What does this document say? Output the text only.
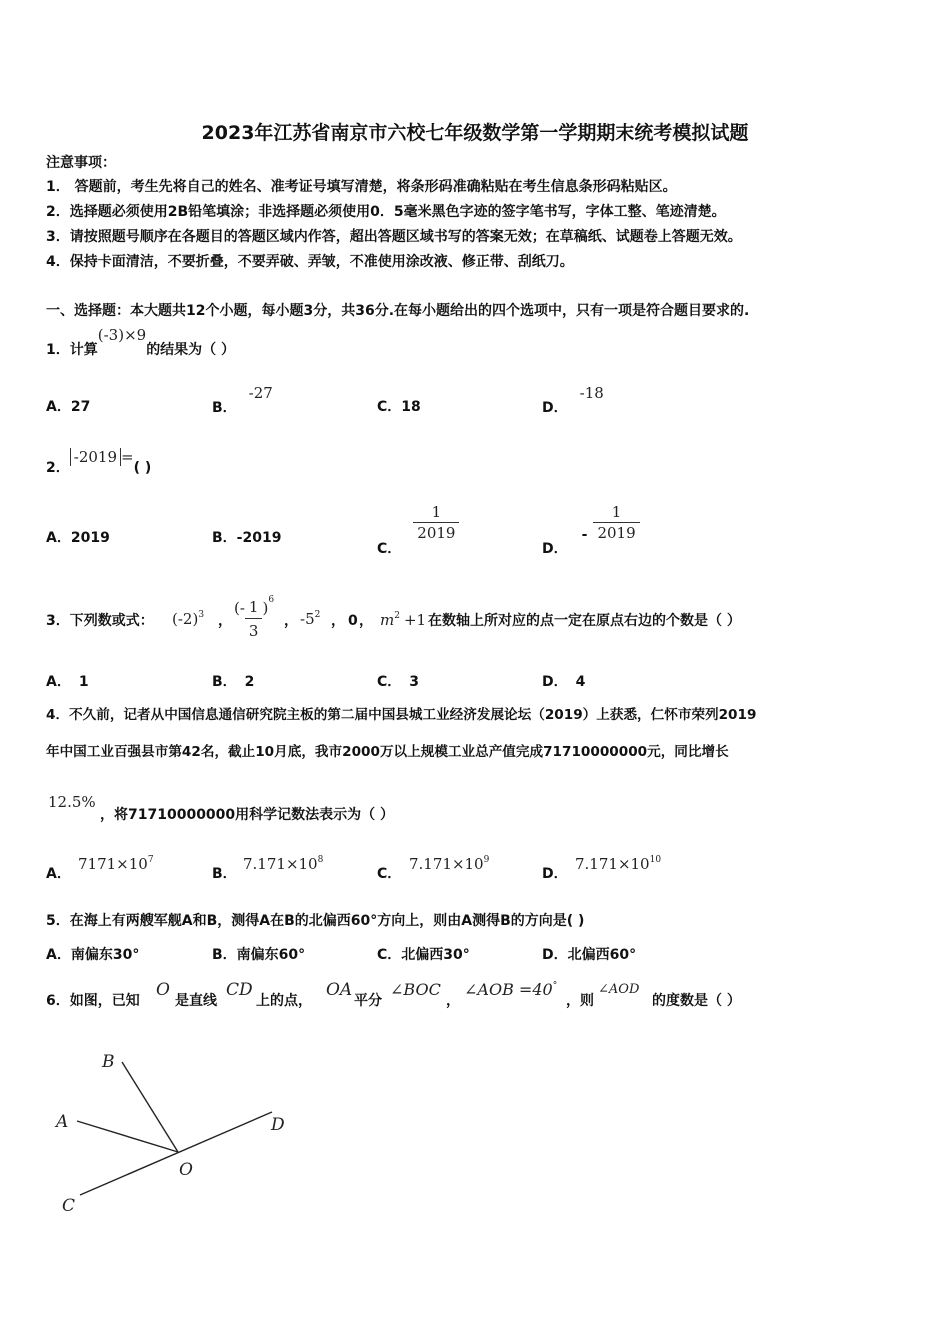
2023年江苏省南京市六校七年级数学第一学期期末统考模拟试题
注意事项：
1． 答题前，考生先将自己的姓名、准考证号填写清楚，将条形码准确粘贴在考生信息条形码粘贴区。
2．选择题必须使用2B铅笔填涂；非选择题必须使用0．5毫米黑色字迹的签字笔书写，字体工整、笔迹清楚。
3．请按照题号顺序在各题目的答题区域内作答，超出答题区域书写的答案无效；在草稿纸、试题卷上答题无效。
4．保持卡面清洁，不要折叠，不要弄破、弄皱，不准使用涂改液、修正带、刮纸刀。
一、选择题：本大题共12个小题，每小题3分，共36分.在每小题给出的四个选项中，只有一项是符合题目要求的.
1．计算(-3)×9的结果为（ ）
A．27	B．-27
C．18	D．-18
2．-2019 =( )
A．2019	B．-2019
C．
$\frac{1}{2019}$
D．- $\frac{1}{2019}$
3．下列数或式： $(-2)^3$ ，
(- $\frac{1}{3} )^6$
， $-5^2$ ， 0 ， $m^2 +1$ 在数轴上所对应的点一定在原点右边的个数是（ ）
A． 1	B． 2	C． 3	D． 4
4．不久前，记者从中国信息通信研究院主板的第二届中国县城工业经济发展论坛（2019）上获悉，仁怀市荣列2019
年中国工业百强县市第42名，截止10月底，我市2000万以上规模工业总产值完成71710000000元，同比增长
12.5%
，将71710000000用科学记数法表示为（ ）
A．
$7171\times 10^7$
B．
$7.171\times 10^8$
C．
$7.171\times 10^9$
D．
$7.171\times 10^{10}$
5．在海上有两艘军舰A和B，测得A在B的北偏西60°方向上，则由A测得B的方向是( )
A．南偏东30°	B．南偏东60°	C．北偏西30°	D．北偏西60°
6．如图，已知
O
是直线
CD
上的点，
OA
平分
∠BOC
，
∠AOB =40°
，则
∠AOD
的度数是（ ）
B
A	D
O
C
